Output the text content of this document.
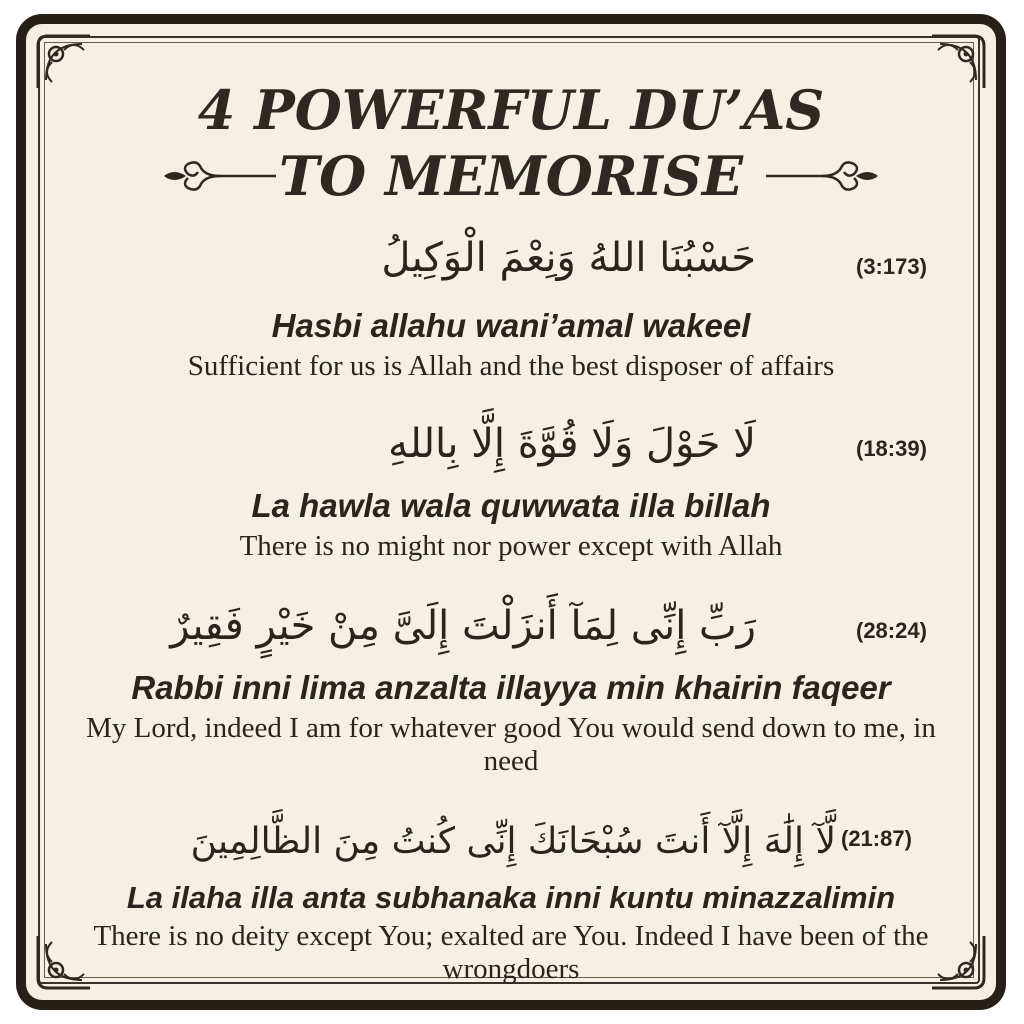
4 POWERFUL DU’AS
TO MEMORISE
حَسْبُنَا اللهُ وَنِعْمَ الْوَكِيلُ	(3:173)
Hasbi allahu wani’amal wakeel
Sufficient for us is Allah and the best disposer of affairs
لَا حَوْلَ وَلَا قُوَّةَ إِلَّا بِاللهِ	(18:39)
La hawla wala quwwata illa billah
There is no might nor power except with Allah
رَبِّ إِنِّى لِمَآ أَنزَلْتَ إِلَىَّ مِنْ خَيْرٍ فَقِيرٌ	(28:24)
Rabbi inni lima anzalta illayya min khairin faqeer
My Lord, indeed I am for whatever good You would send down to me, in need
لَّآ إِلَٰهَ إِلَّآ أَنتَ سُبْحَانَكَ إِنِّى كُنتُ مِنَ الظَّالِمِينَ (21:87)
La ilaha illa anta subhanaka inni kuntu minazzalimin
There is no deity except You; exalted are You. Indeed I have been of the wrongdoers
